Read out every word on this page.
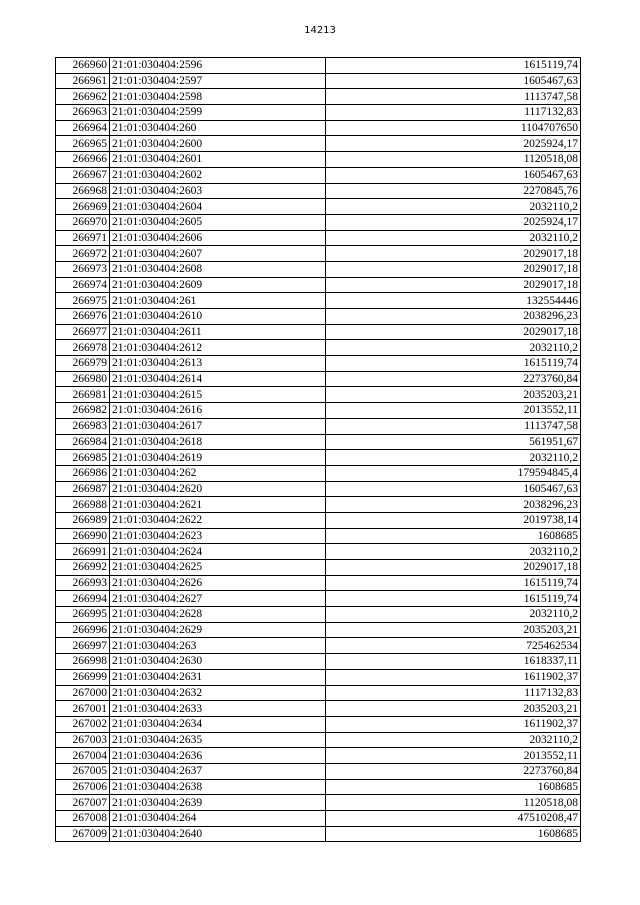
14213
266960	21:01:030404:2596	1615119,74
266961	21:01:030404:2597	1605467,63
266962	21:01:030404:2598	1113747,58
266963	21:01:030404:2599	1117132,83
266964	21:01:030404:260	1104707650
266965	21:01:030404:2600	2025924,17
266966	21:01:030404:2601	1120518,08
266967	21:01:030404:2602	1605467,63
266968	21:01:030404:2603	2270845,76
266969	21:01:030404:2604	2032110,2
266970	21:01:030404:2605	2025924,17
266971	21:01:030404:2606	2032110,2
266972	21:01:030404:2607	2029017,18
266973	21:01:030404:2608	2029017,18
266974	21:01:030404:2609	2029017,18
266975	21:01:030404:261	132554446
266976	21:01:030404:2610	2038296,23
266977	21:01:030404:2611	2029017,18
266978	21:01:030404:2612	2032110,2
266979	21:01:030404:2613	1615119,74
266980	21:01:030404:2614	2273760,84
266981	21:01:030404:2615	2035203,21
266982	21:01:030404:2616	2013552,11
266983	21:01:030404:2617	1113747,58
266984	21:01:030404:2618	561951,67
266985	21:01:030404:2619	2032110,2
266986	21:01:030404:262	179594845,4
266987	21:01:030404:2620	1605467,63
266988	21:01:030404:2621	2038296,23
266989	21:01:030404:2622	2019738,14
266990	21:01:030404:2623	1608685
266991	21:01:030404:2624	2032110,2
266992	21:01:030404:2625	2029017,18
266993	21:01:030404:2626	1615119,74
266994	21:01:030404:2627	1615119,74
266995	21:01:030404:2628	2032110,2
266996	21:01:030404:2629	2035203,21
266997	21:01:030404:263	725462534
266998	21:01:030404:2630	1618337,11
266999	21:01:030404:2631	1611902,37
267000	21:01:030404:2632	1117132,83
267001	21:01:030404:2633	2035203,21
267002	21:01:030404:2634	1611902,37
267003	21:01:030404:2635	2032110,2
267004	21:01:030404:2636	2013552,11
267005	21:01:030404:2637	2273760,84
267006	21:01:030404:2638	1608685
267007	21:01:030404:2639	1120518,08
267008	21:01:030404:264	47510208,47
267009	21:01:030404:2640	1608685
